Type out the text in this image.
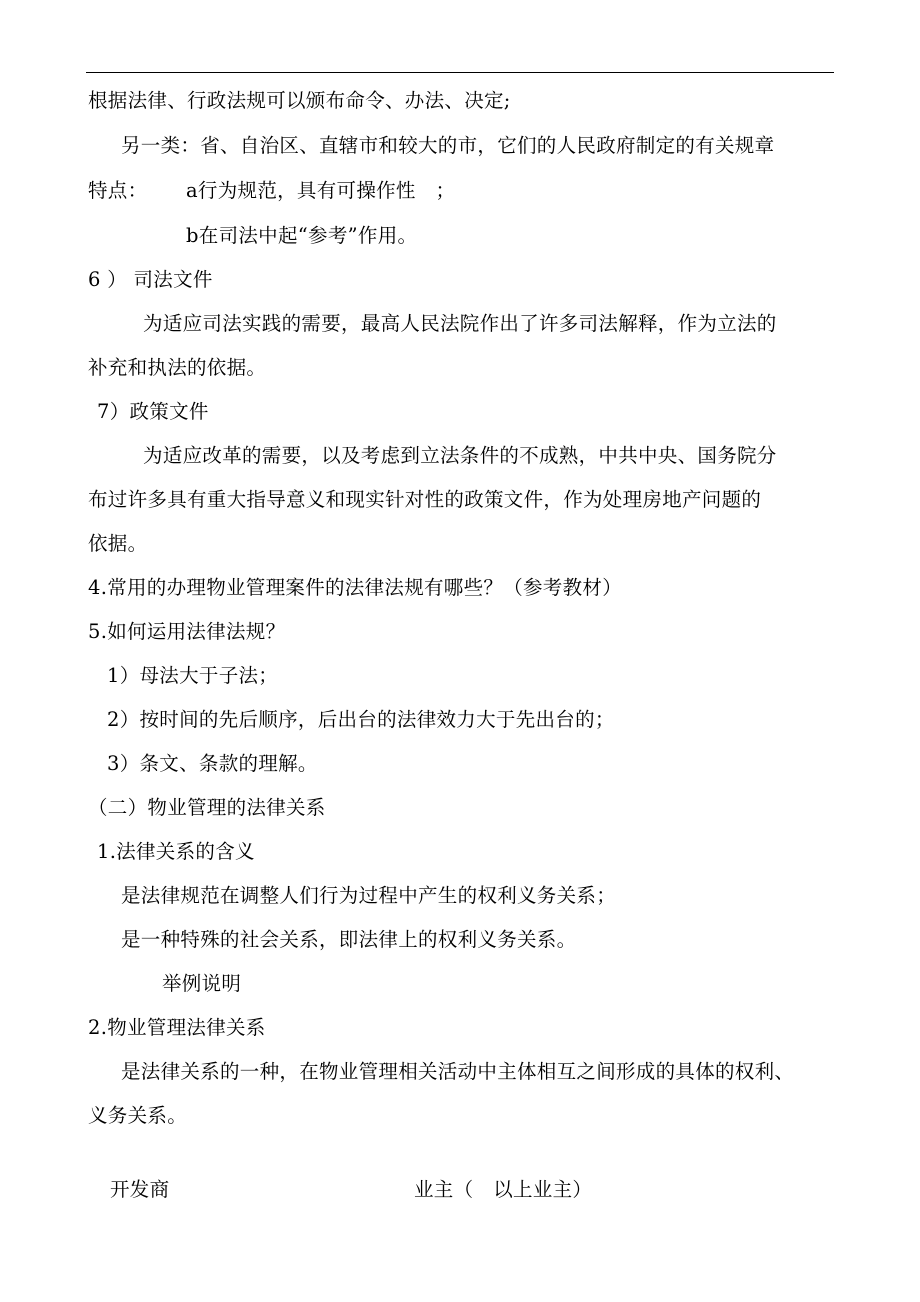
根据法律、行政法规可以颁布命令、办法、决定;
另一类：省、自治区、直辖市和较大的市，它们的人民政府制定的有关规章
特点： a行为规范，具有可操作性　；
b在司法中起“参考”作用。
6 ） 司法文件
为适应司法实践的需要，最高人民法院作出了许多司法解释，作为立法的
补充和执法的依据。
7）政策文件
为适应改革的需要，以及考虑到立法条件的不成熟，中共中央、国务院分
布过许多具有重大指导意义和现实针对性的政策文件，作为处理房地产问题的
依据。
4.常用的办理物业管理案件的法律法规有哪些？（参考教材）
5.如何运用法律法规？
1）母法大于子法；
2）按时间的先后顺序，后出台的法律效力大于先出台的；
3）条文、条款的理解。
（二）物业管理的法律关系
1.法律关系的含义
是法律规范在调整人们行为过程中产生的权利义务关系；
是一种特殊的社会关系，即法律上的权利义务关系。
举例说明
2.物业管理法律关系
是法律关系的一种，在物业管理相关活动中主体相互之间形成的具体的权利、
义务关系。
开发商	业主（　以上业主）
